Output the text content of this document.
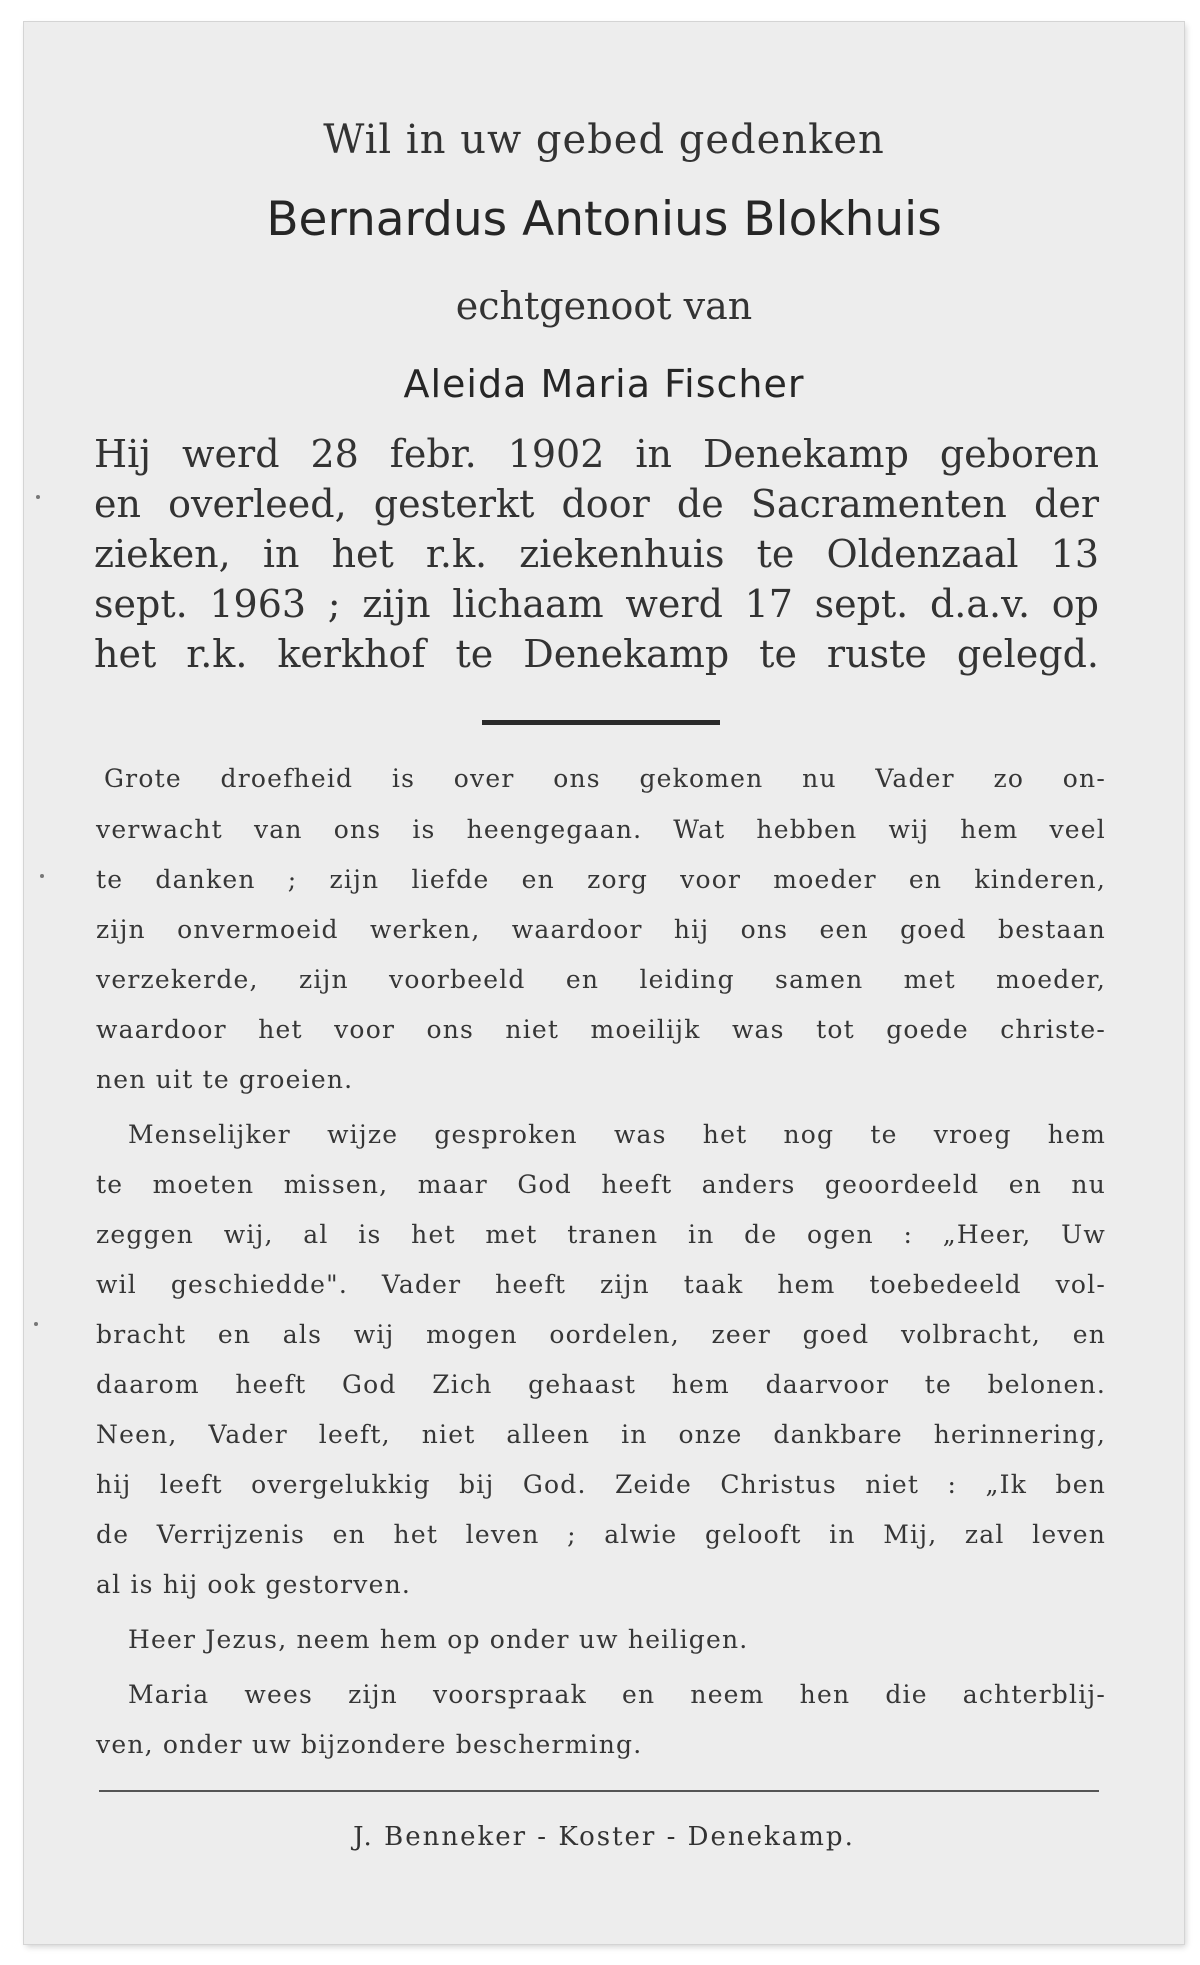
Wil in uw gebed gedenken
Bernardus Antonius Blokhuis
echtgenoot van
Aleida Maria Fischer
Hij werd 28 febr. 1902 in Denekamp geboren
en overleed, gesterkt door de Sacramenten der
zieken, in het r.k. ziekenhuis te Oldenzaal 13
sept. 1963 ; zijn lichaam werd 17 sept. d.a.v. op
het r.k. kerkhof te Denekamp te ruste gelegd.
Grote droefheid is over ons gekomen nu Vader zo on-
verwacht van ons is heengegaan. Wat hebben wij hem veel
te danken ; zijn liefde en zorg voor moeder en kinderen,
zijn onvermoeid werken, waardoor hij ons een goed bestaan
verzekerde, zijn voorbeeld en leiding samen met moeder,
waardoor het voor ons niet moeilijk was tot goede christe-
nen uit te groeien.
Menselijker wijze gesproken was het nog te vroeg hem
te moeten missen, maar God heeft anders geoordeeld en nu
zeggen wij, al is het met tranen in de ogen : „Heer, Uw
wil geschiedde". Vader heeft zijn taak hem toebedeeld vol-
bracht en als wij mogen oordelen, zeer goed volbracht, en
daarom heeft God Zich gehaast hem daarvoor te belonen.
Neen, Vader leeft, niet alleen in onze dankbare herinnering,
hij leeft overgelukkig bij God. Zeide Christus niet : „Ik ben
de Verrijzenis en het leven ; alwie gelooft in Mij, zal leven
al is hij ook gestorven.
Heer Jezus, neem hem op onder uw heiligen.
Maria wees zijn voorspraak en neem hen die achterblij-
ven, onder uw bijzondere bescherming.
J. Benneker - Koster - Denekamp.
